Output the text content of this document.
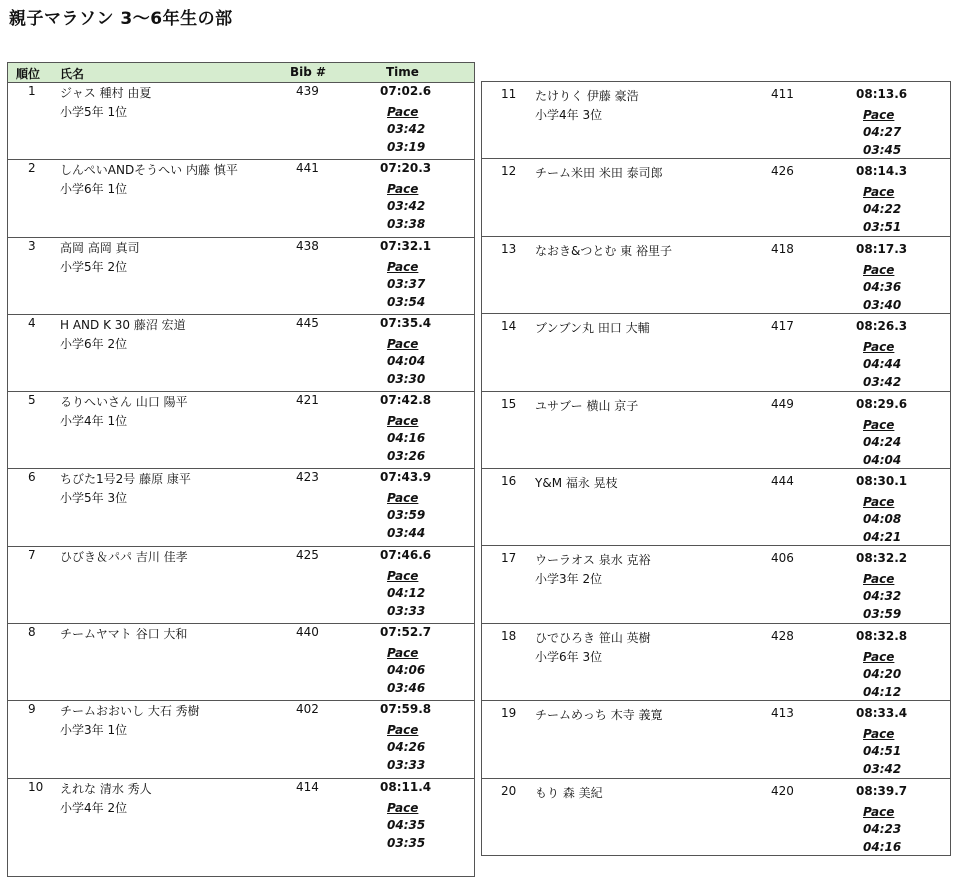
親子マラソン 3～6年生の部
順位 氏名	Bib #	Time
1 ジャス 種村 由夏	439	07:02.6
小学5年 1位	Pace
03:42
03:19
2 しんぺいANDそうへい 内藤 慎平	441	07:20.3
小学6年 1位	Pace
03:42
03:38
3 高岡 高岡 真司	438	07:32.1
小学5年 2位	Pace
03:37
03:54
4 H AND K 30 藤沼 宏道	445	07:35.4
小学6年 2位	Pace
04:04
03:30
5 るりへいさん 山口 陽平	421	07:42.8
小学4年 1位	Pace
04:16
03:26
6 ちびた1号2号 藤原 康平	423	07:43.9
小学5年 3位	Pace
03:59
03:44
7 ひびき＆パパ 吉川 佳孝	425	07:46.6
Pace
04:12
03:33
8 チームヤマト 谷口 大和	440	07:52.7
Pace
04:06
03:46
9 チームおおいし 大石 秀樹	402	07:59.8
小学3年 1位	Pace
04:26
03:33
10 えれな 清水 秀人	414	08:11.4
小学4年 2位	Pace
04:35
03:35
11 たけりく 伊藤 豪浩	411	08:13.6
小学4年 3位	Pace
04:27
03:45
12 チーム米田 米田 泰司郎	426	08:14.3
Pace
04:22
03:51
13 なおき&つとむ 東 裕里子	418	08:17.3
Pace
04:36
03:40
14 ブンブン丸 田口 大輔	417	08:26.3
Pace
04:44
03:42
15 ユサブー 横山 京子	449	08:29.6
Pace
04:24
04:04
16 Y&M 福永 晃枝	444	08:30.1
Pace
04:08
04:21
17 ウーラオス 泉水 克裕	406	08:32.2
小学3年 2位	Pace
04:32
03:59
18 ひでひろき 笹山 英樹	428	08:32.8
小学6年 3位	Pace
04:20
04:12
19 チームめっち 木寺 義寛	413	08:33.4
Pace
04:51
03:42
20 もり 森 美紀	420	08:39.7
Pace
04:23
04:16
